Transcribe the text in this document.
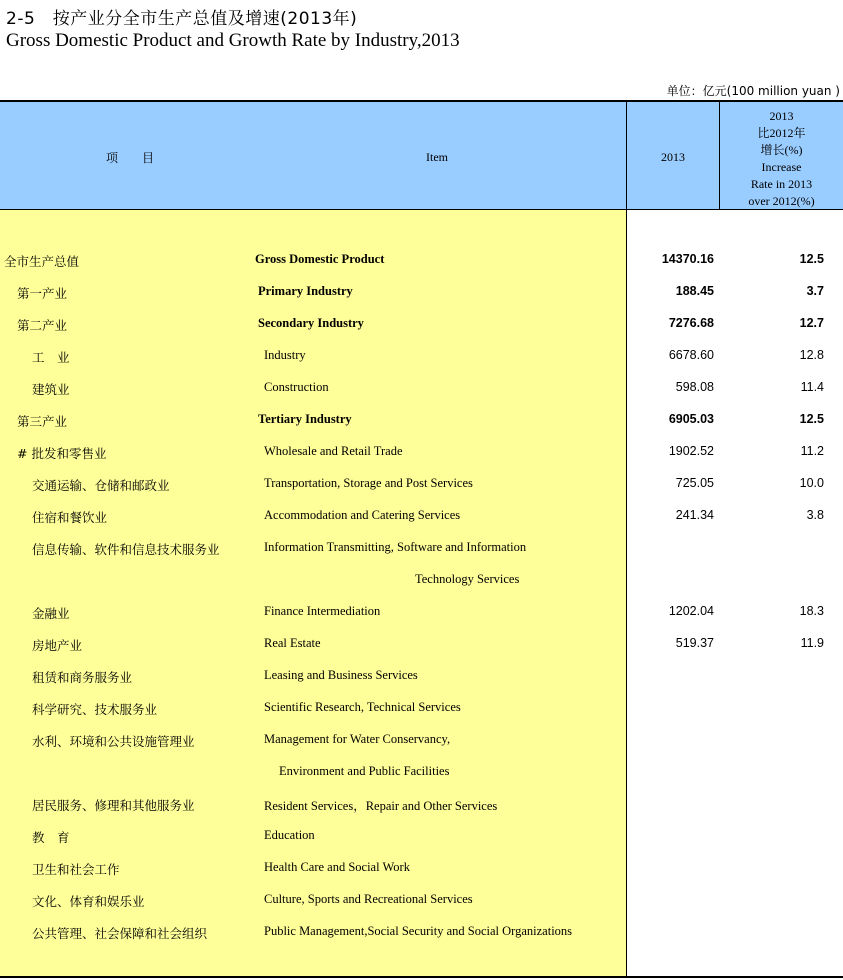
2-5　按产业分全市生产总值及增速(2013年)
Gross Domestic Product and Growth Rate by Industry,2013
单位：亿元(100 million yuan )
项　目	Item	2013
2013
比2012年
增长(%)
Increase
Rate in 2013
over 2012(%)
全市生产总值	Gross Domestic Product	14370.16	12.5
第一产业	Primary Industry	188.45	3.7
第二产业	Secondary Industry	7276.68	12.7
工　业	Industry	6678.60	12.8
建筑业	Construction	598.08	11.4
第三产业	Tertiary Industry	6905.03	12.5
# 批发和零售业	Wholesale and Retail Trade	1902.52	11.2
交通运输、仓储和邮政业	Transportation, Storage and Post Services	725.05	10.0
住宿和餐饮业	Accommodation and Catering Services	241.34	3.8
信息传输、软件和信息技术服务业	Information Transmitting, Software and Information
Technology Services
金融业	Finance Intermediation	1202.04	18.3
房地产业	Real Estate	519.37	11.9
租赁和商务服务业	Leasing and Business Services
科学研究、技术服务业	Scientific Research, Technical Services
水利、环境和公共设施管理业	Management for Water Conservancy,
Environment and Public Facilities
居民服务、修理和其他服务业	Resident Services，Repair and Other Services
教　育	Education
卫生和社会工作	Health Care and Social Work
文化、体育和娱乐业	Culture, Sports and Recreational Services
公共管理、社会保障和社会组织	Public Management,Social Security and Social Organizations
